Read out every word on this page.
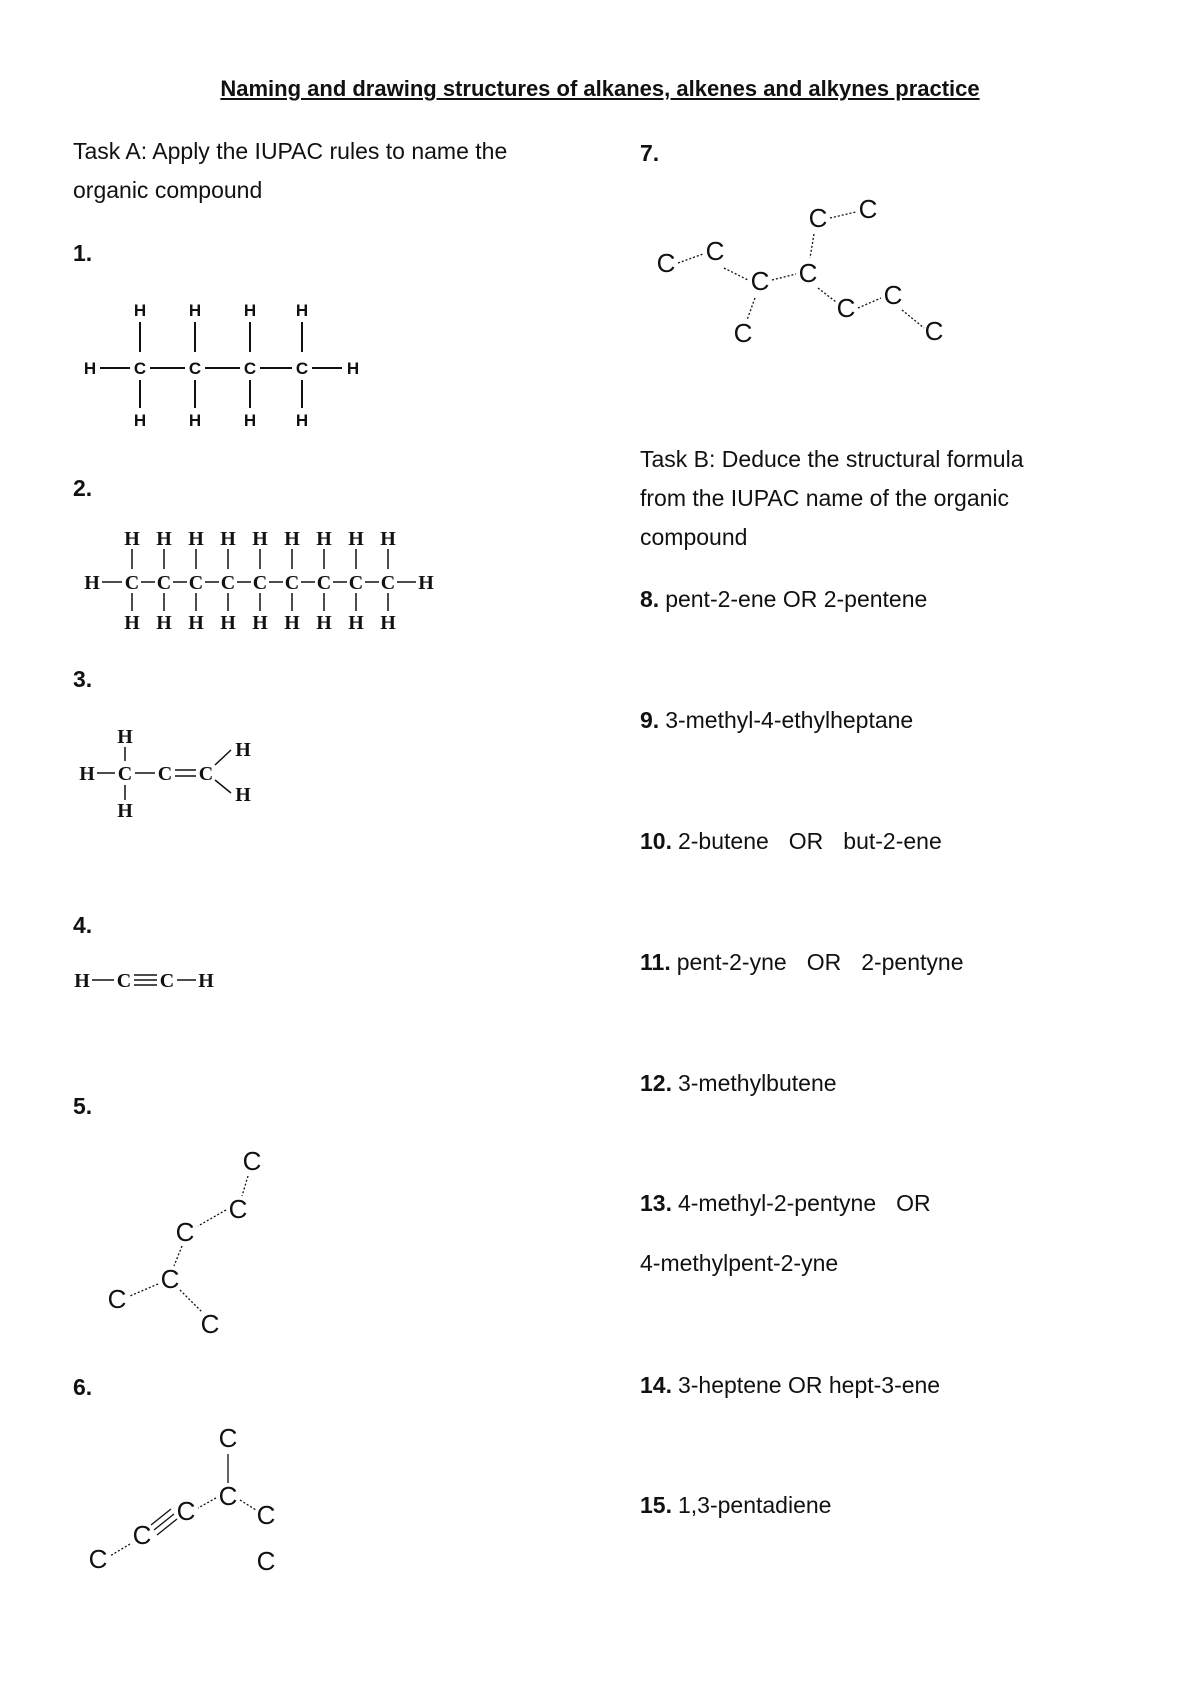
Naming and drawing structures of alkanes, alkenes and alkynes practice
Task A: Apply the IUPAC rules to name the
organic compound
1.
2.
3.
4.
5.
6.
H	H	H H
H C	C	C C H
H	H	H H
H
H
C
H
H
C
H
H
C
H
H
C
H
H
C
H
H
C
H
H
C
H
H
C
H
H
C
H
H
H
H C C C
H
H
H
H C C H
C
C
C
C
C
C
C
C
C
C
C
C	C
7.
C C
C C
C C
C C
C	C
Task B: Deduce the structural formula
from the IUPAC name of the organic
compound
8. pent-2-ene OR 2-pentene
9. 3-methyl-4-ethylheptane
10. 2-butene OR but-2-ene
11. pent-2-yne OR 2-pentyne
12. 3-methylbutene
13. 4-methyl-2-pentyne OR
4-methylpent-2-yne
14. 3-heptene OR hept-3-ene
15. 1,3-pentadiene
